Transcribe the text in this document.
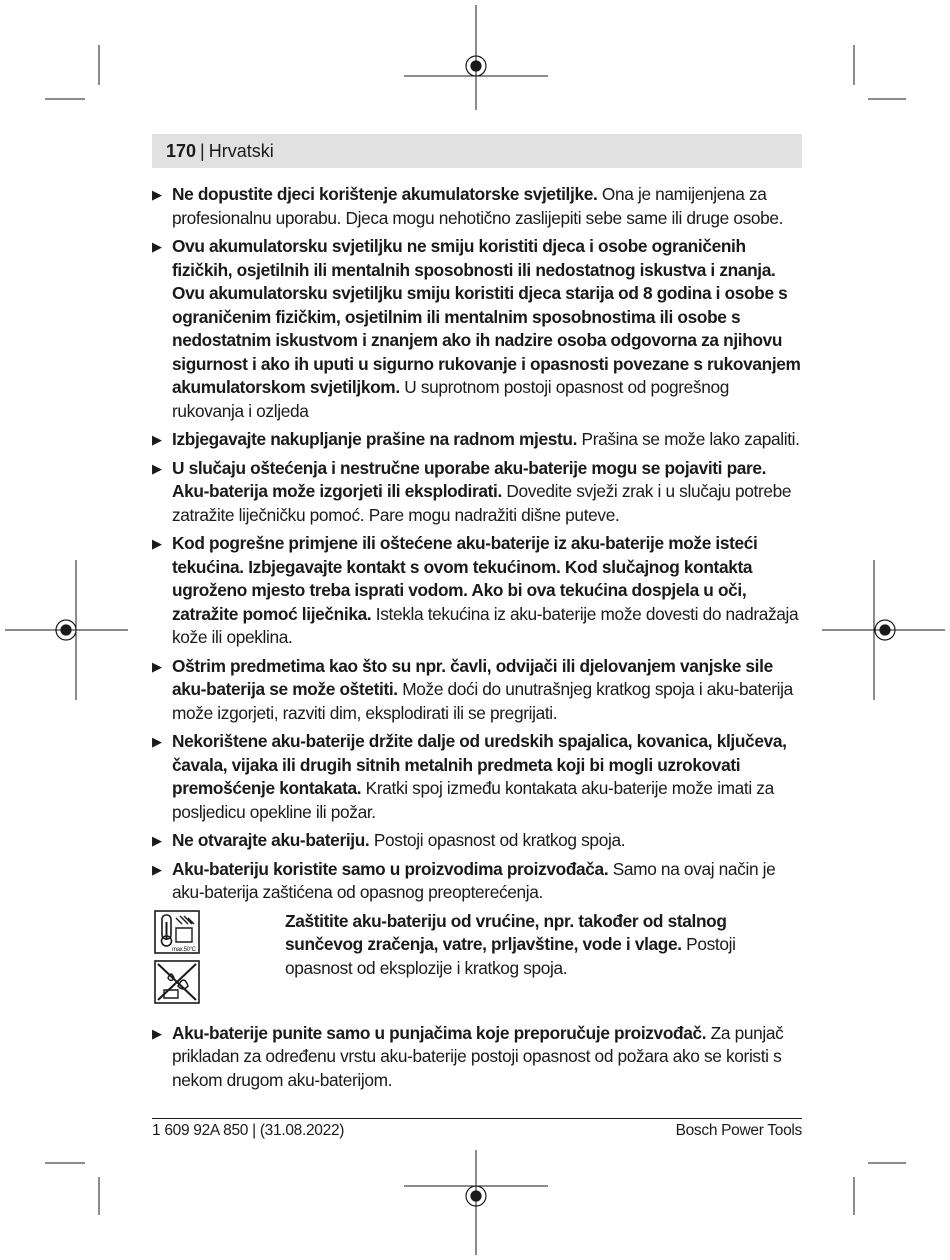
170 | Hrvatski
▶ Ne dopustite djeci korištenje akumulatorske svjetiljke. Ona je namijenjena za profesionalnu uporabu. Djeca mogu nehotično zaslijepiti sebe same ili druge osobe.
▶ Ovu akumulatorsku svjetiljku ne smiju koristiti djeca i osobe ograničenih fizičkih, osjetilnih ili mentalnih sposobnosti ili nedostatnog iskustva i znanja. Ovu akumulatorsku svjetiljku smiju koristiti djeca starija od 8 godina i osobe s ograničenim fizičkim, osjetilnim ili mentalnim sposobnostima ili osobe s nedostatnim iskustvom i znanjem ako ih nadzire osoba odgovorna za njihovu sigurnost i ako ih uputi u sigurno rukovanje i opasnosti povezane s rukovanjem akumulatorskom svjetiljkom. U suprotnom postoji opasnost od pogrešnog rukovanja i ozljeda
▶ Izbjegavajte nakupljanje prašine na radnom mjestu. Prašina se može lako zapaliti.
▶ U slučaju oštećenja i nestručne uporabe aku-baterije mogu se pojaviti pare. Aku-baterija može izgorjeti ili eksplodirati. Dovedite svježi zrak i u slučaju potrebe zatražite liječničku pomoć. Pare mogu nadražiti dišne puteve.
▶ Kod pogrešne primjene ili oštećene aku-baterije iz aku-baterije može isteći tekućina. Izbjegavajte kontakt s ovom tekućinom. Kod slučajnog kontakta ugroženo mjesto treba isprati vodom. Ako bi ova tekućina dospjela u oči, zatražite pomoć liječnika. Istekla tekućina iz aku-baterije može dovesti do nadražaja kože ili opeklina.
▶ Oštrim predmetima kao što su npr. čavli, odvijači ili djelovanjem vanjske sile aku-baterija se može oštetiti. Može doći do unutrašnjeg kratkog spoja i aku-baterija može izgorjeti, razviti dim, eksplodirati ili se pregrijati.
▶ Nekorištene aku-baterije držite dalje od uredskih spajalica, kovanica, ključeva, čavala, vijaka ili drugih sitnih metalnih predmeta koji bi mogli uzrokovati premošćenje kontakata. Kratki spoj između kontakata aku-baterije može imati za posljedicu opekline ili požar.
▶ Ne otvarajte aku-bateriju. Postoji opasnost od kratkog spoja.
▶ Aku-bateriju koristite samo u proizvodima proizvođača. Samo na ovaj način je aku-baterija zaštićena od opasnog preopterećenja.
max.50°C
Zaštitite aku-bateriju od vrućine, npr. također od stalnog sunčevog zračenja, vatre, prljavštine, vode i vlage. Postoji opasnost od eksplozije i kratkog spoja.
▶ Aku-baterije punite samo u punjačima koje preporučuje proizvođač. Za punjač prikladan za određenu vrstu aku-baterije postoji opasnost od požara ako se koristi s nekom drugom aku-baterijom.
1 609 92A 850 | (31.08.2022)	Bosch Power Tools
